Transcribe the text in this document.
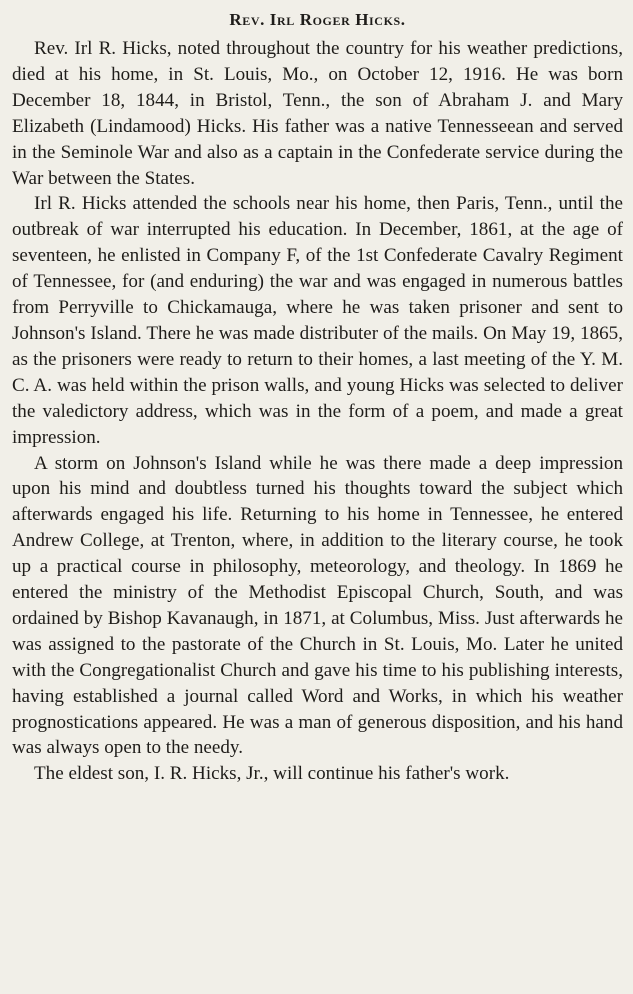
Rev. Irl Roger Hicks.

Rev. Irl R. Hicks, noted throughout the country for his weather predictions, died at his home, in St. Louis, Mo., on October 12, 1916. He was born December 18, 1844, in Bristol, Tenn., the son of Abraham J. and Mary Elizabeth (Lindamood) Hicks. His father was a native Tennesseean and served in the Seminole War and also as a captain in the Confederate service during the War between the States.

Irl R. Hicks attended the schools near his home, then Paris, Tenn., until the outbreak of war interrupted his education. In December, 1861, at the age of seventeen, he enlisted in Company F, of the 1st Confederate Cavalry Regiment of Tennessee, for (and enduring) the war and was engaged in numerous battles from Perryville to Chickamauga, where he was taken prisoner and sent to Johnson's Island. There he was made distributer of the mails. On May 19, 1865, as the prisoners were ready to return to their homes, a last meeting of the Y. M. C. A. was held within the prison walls, and young Hicks was selected to deliver the valedictory address, which was in the form of a poem, and made a great impression.

A storm on Johnson's Island while he was there made a deep impression upon his mind and doubtless turned his thoughts toward the subject which afterwards engaged his life. Returning to his home in Tennessee, he entered Andrew College, at Trenton, where, in addition to the literary course, he took up a practical course in philosophy, meteorology, and theology. In 1869 he entered the ministry of the Methodist Episcopal Church, South, and was ordained by Bishop Kavanaugh, in 1871, at Columbus, Miss. Just afterwards he was assigned to the pastorate of the Church in St. Louis, Mo. Later he united with the Congregationalist Church and gave his time to his publishing interests, having established a journal called Word and Works, in which his weather prognostications appeared. He was a man of generous disposition, and his hand was always open to the needy.

The eldest son, I. R. Hicks, Jr., will continue his father's work.
